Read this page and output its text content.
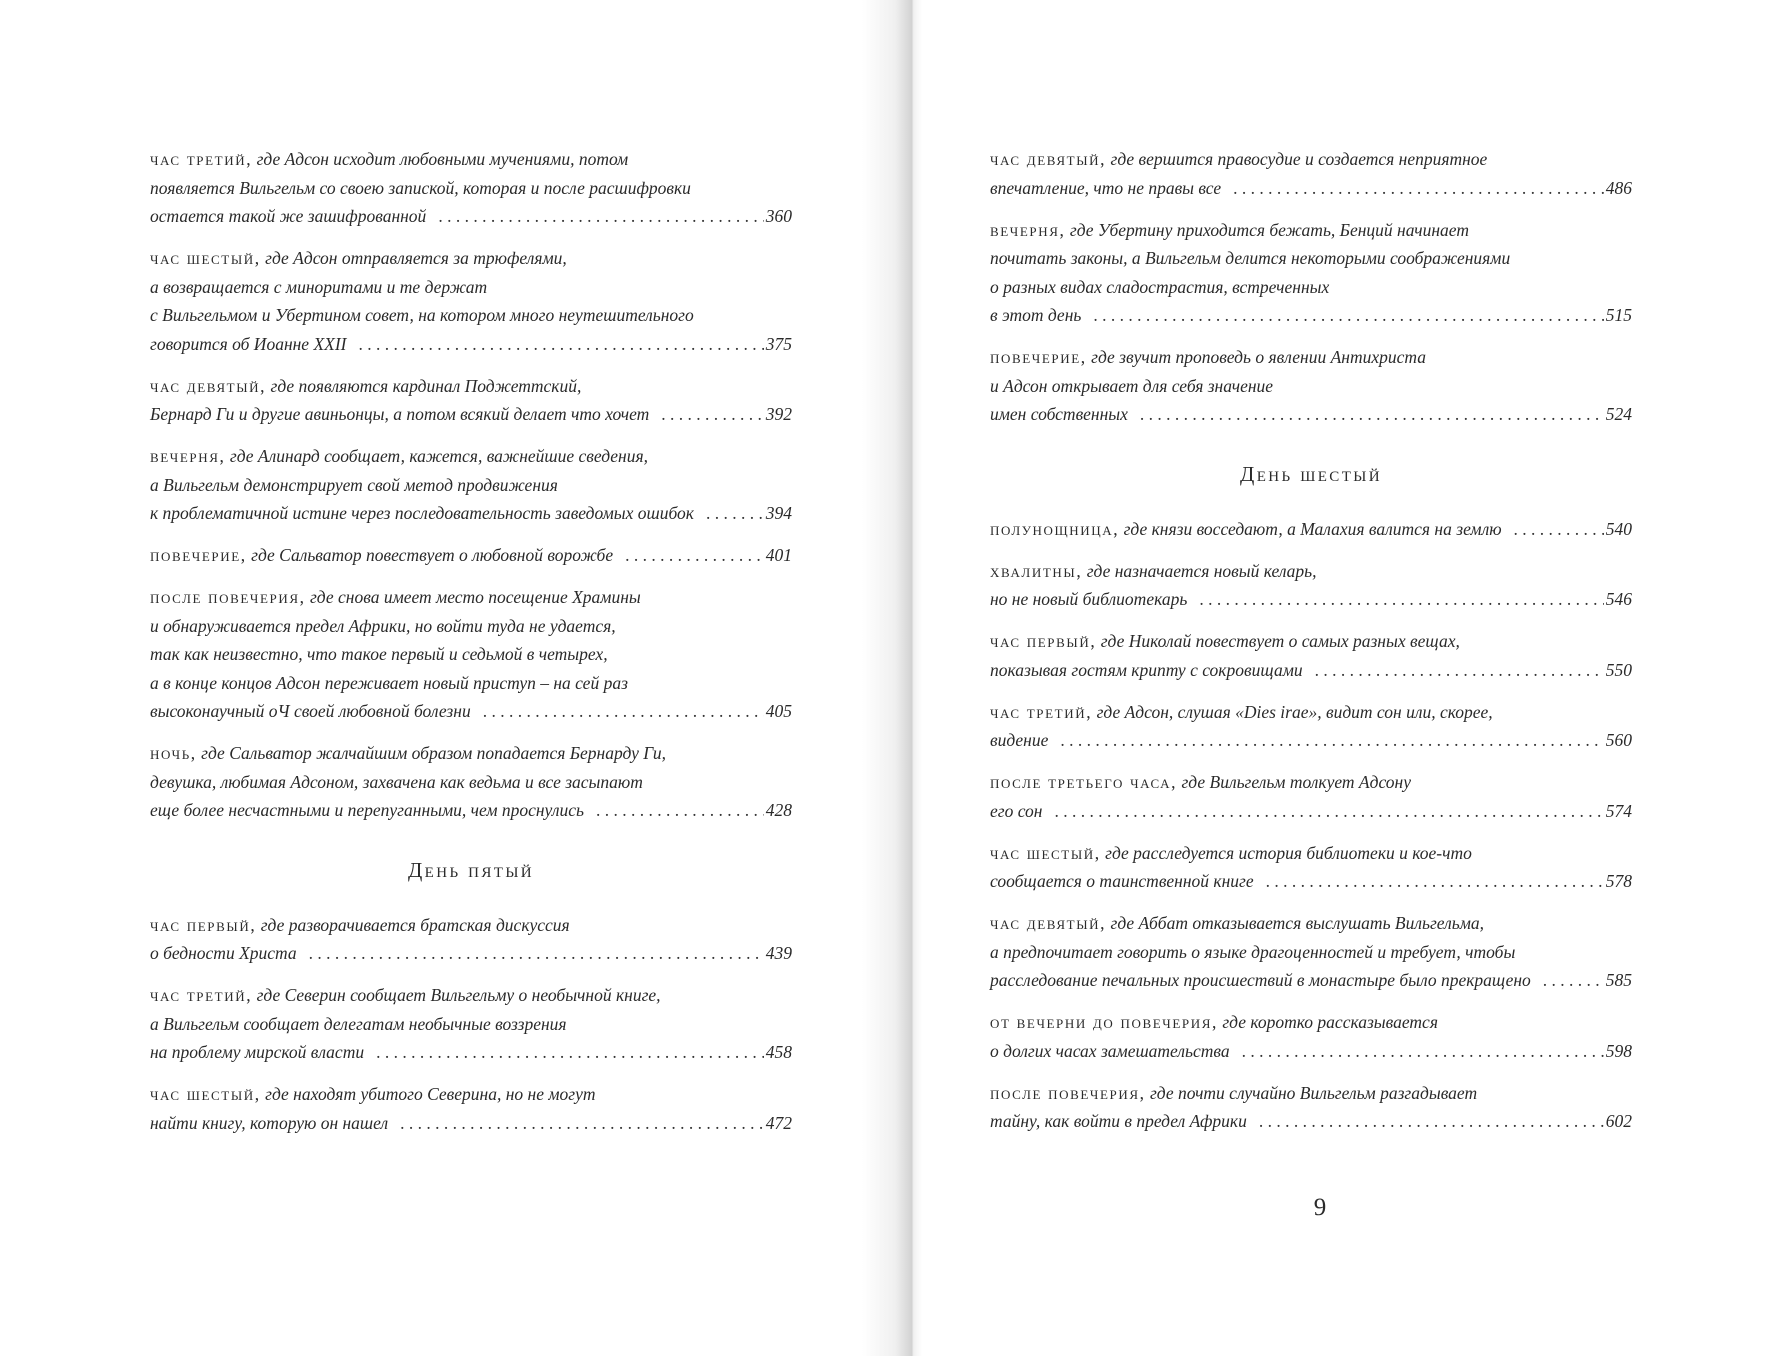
час третий , где Адсон исходит любовными мучениями, потом
появляется Вильгельм со своею запиской, которая и после расшифровки
остается такой же зашифрованной . . .	360
час шестый , где Адсон отправляется за трюфелями,
а возвращается с минoритами и те держат
с Вильгельмом и Убертином совет, на котором много неутешительного
говорится об Иоанне XXII . . .	375
час девятый , где появляются кардинал Поджеттский,
Бернард Ги и другие авиньонцы, а потом всякий делает что хочет . . .	392
вечерня , где Алинард сообщает, кажется, важнейшие сведения,
а Вильгельм демонстрирует свой метод продвижения
к проблематичной истине через последовательность заведомых ошибок . . .	394
повечерие , где Сальватор повествует о любовной ворожбе . . .	401
после повечерия , где снова имеет место посещение Храмины
и обнаруживается предел Африки, но войти туда не удается,
так как неизвестно, что такое первый и седьмой в четырех,
а в конце концов Адсон переживает новый приступ – на сей раз
высоконаучный оЧ своей любовной болезни . . .	405
ночь , где Сальватор жалчайшим образом попадается Бернарду Ги,
девушка, любимая Адсоном, захвачена как ведьма и все засыпают
еще более несчастными и перепуганными, чем проснулись . . .	428
День пятый
час первый , где разворачивается братская дискуссия
о бедности Христа . . .	439
час третий , где Северин сообщает Вильгельму о необычной книге,
а Вильгельм сообщает делегатам необычные воззрения
на проблему мирской власти . . .	458
час шестый , где находят убитого Северина, но не могут
найти книгу, которую он нашел . . .	472
час девятый , где вершится правосудие и создается неприятное
впечатление, что не правы все . . .	486
вечерня , где Убертину приходится бежать, Бенций начинает
почитать законы, а Вильгельм делится некоторыми соображениями
о разных видах сладострастия, встреченных
в этот день . . .	515
повечерие , где звучит проповедь о явлении Антихриста
и Адсон открывает для себя значение
имен собственных . . .	524
День шестый
полунощница , где князи восседают, а Малахия валится на землю . . .	540
хвалитны , где назначается новый келарь,
но не новый библиотекарь . . .	546
час первый , где Николай повествует о самых разных вещах,
показывая гостям крипту с сокровищами . . .	550
час третий , где Адсон, слушая «Dies irae», видит сон или, скорее,
видение . . .	560
после третьего часа , где Вильгельм толкует Адсону
его сон . . .	574
час шестый , где расследуется история библиотеки и кое-что
сообщается о таинственной книге . . .	578
час девятый , где Аббат отказывается выслушать Вильгельма,
а предпочитает говорить о языке драгоценностей и требует, чтобы
расследование печальных происшествий в монастыре было прекращено . . .	585
от вечерни до повечерия , где коротко рассказывается
о долгих часах замешательства . . .	598
после повечерия , где почти случайно Вильгельм разгадывает
тайну, как войти в предел Африки . . .	602
9
